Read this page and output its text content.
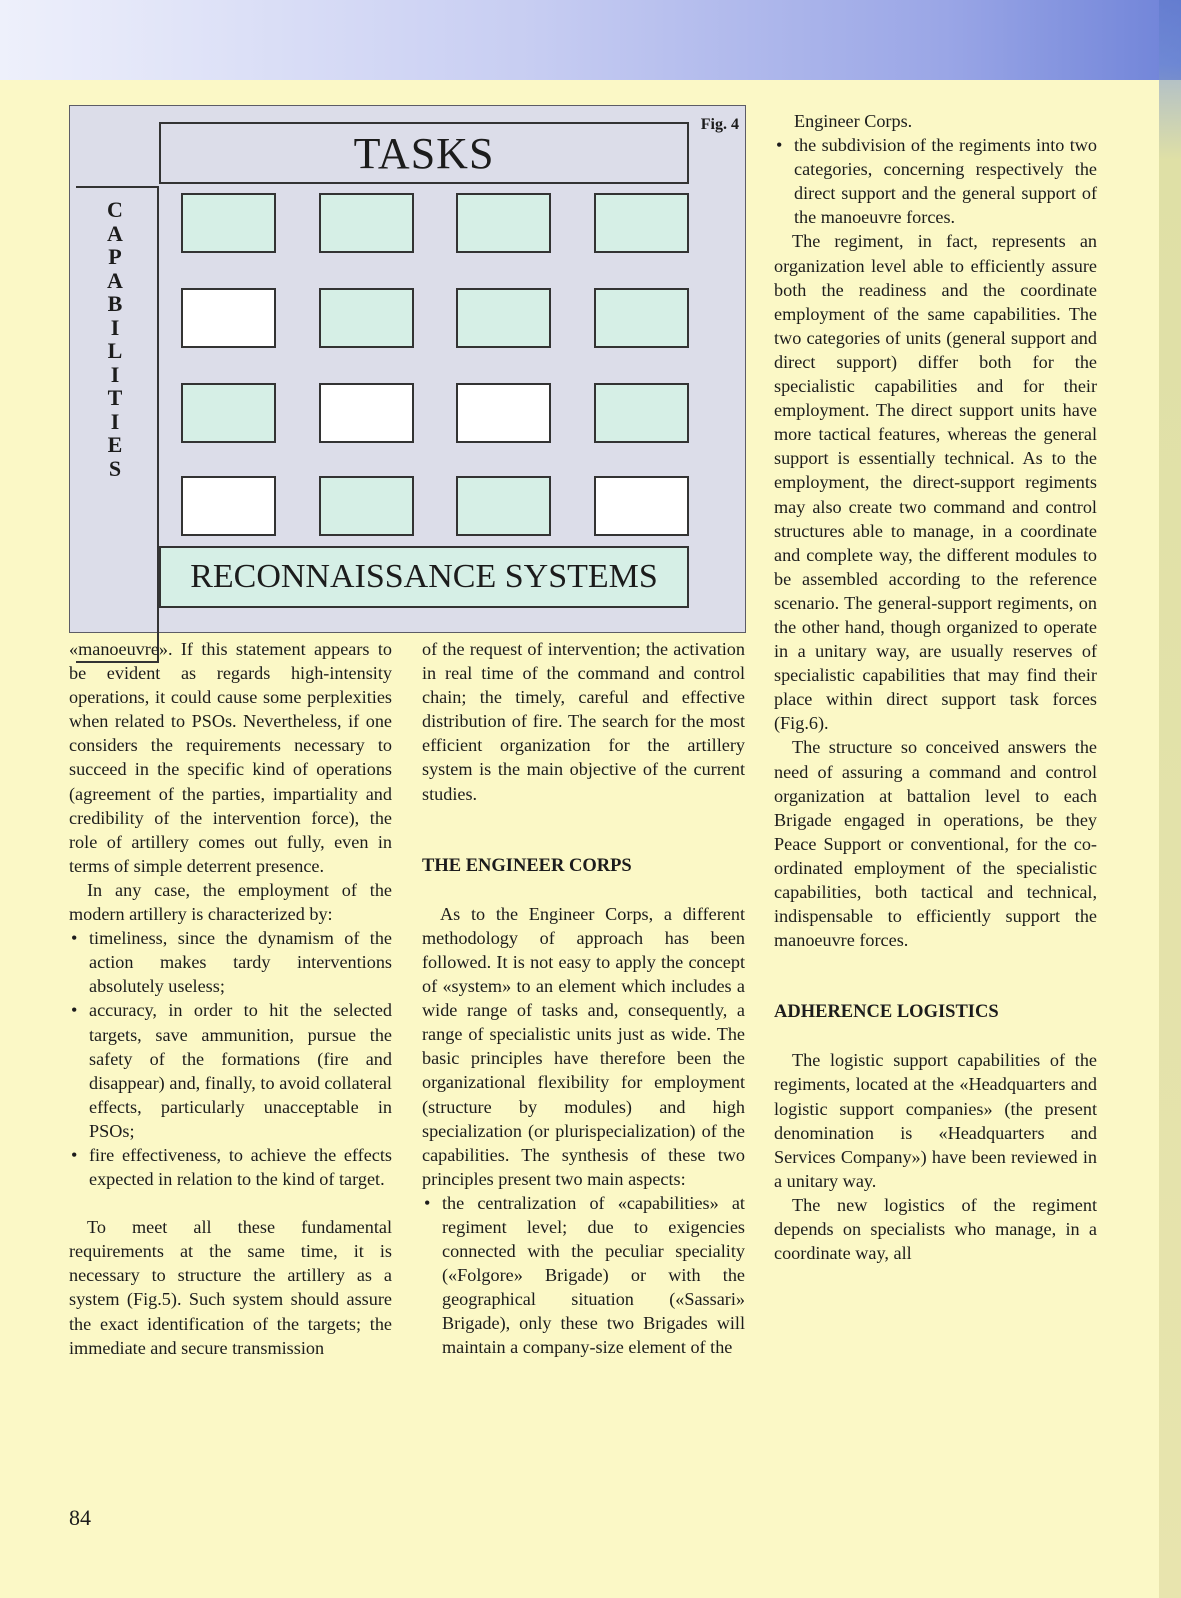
Fig. 4
TASKS
C
A
P
A
B
I
L
I
T
I
E
S
RECONNAISSANCE SYSTEMS

«manoeuvre». If this statement appears to be evident as regards high-intensity operations, it could cause some perplexities when related to PSOs. Nevertheless, if one considers the requirements necessary to succeed in the specific kind of operations (agreement of the parties, impartiality and credibility of the intervention force), the role of artillery comes out fully, even in terms of simple deterrent presence.

In any case, the employment of the modern artillery is characterized by:

• timeliness, since the dynamism of the action makes tardy interventions absolutely useless;
• accuracy, in order to hit the selected targets, save ammunition, pursue the safety of the formations (fire and disappear) and, finally, to avoid collateral effects, particularly unacceptable in PSOs;
• fire effectiveness, to achieve the effects expected in relation to the kind of target.

To meet all these fundamental requirements at the same time, it is necessary to structure the artillery as a system (Fig.5). Such system should assure the exact identification of the targets; the immediate and secure transmission

of the request of intervention; the activation in real time of the command and control chain; the timely, careful and effective distribution of fire. The search for the most efficient organization for the artillery system is the main objective of the current studies.

THE ENGINEER CORPS

As to the Engineer Corps, a different methodology of approach has been followed. It is not easy to apply the concept of «system» to an element which includes a wide range of tasks and, consequently, a range of specialistic units just as wide. The basic principles have therefore been the organizational flexibility for employment (structure by modules) and high specialization (or plurispecialization) of the capabilities. The synthesis of these two principles present two main aspects:

• the centralization of «capabilities» at regiment level; due to exigencies connected with the peculiar speciality («Folgore» Brigade) or with the geographical situation («Sassari» Brigade), only these two Brigades will maintain a company-size element of the

Engineer Corps.

• the subdivision of the regiments into two categories, concerning respectively the direct support and the general support of the manoeuvre forces.

The regiment, in fact, represents an organization level able to efficiently assure both the readiness and the coordinate employment of the same capabilities. The two categories of units (general support and direct support) differ both for the specialistic capabilities and for their employment. The direct support units have more tactical features, whereas the general support is essentially technical. As to the employment, the direct-support regiments may also create two command and control structures able to manage, in a coordinate and complete way, the different modules to be assembled according to the reference scenario. The general-support regiments, on the other hand, though organized to operate in a unitary way, are usually reserves of specialistic capabilities that may find their place within direct support task forces (Fig.6).

The structure so conceived answers the need of assuring a command and control organization at battalion level to each Brigade engaged in operations, be they Peace Support or conventional, for the co-ordinated employment of the specialistic capabilities, both tactical and technical, indispensable to efficiently support the manoeuvre forces.

ADHERENCE LOGISTICS

The logistic support capabilities of the regiments, located at the «Headquarters and logistic support companies» (the present denomination is «Headquarters and Services Company») have been reviewed in a unitary way.

The new logistics of the regiment depends on specialists who manage, in a coordinate way, all

84
